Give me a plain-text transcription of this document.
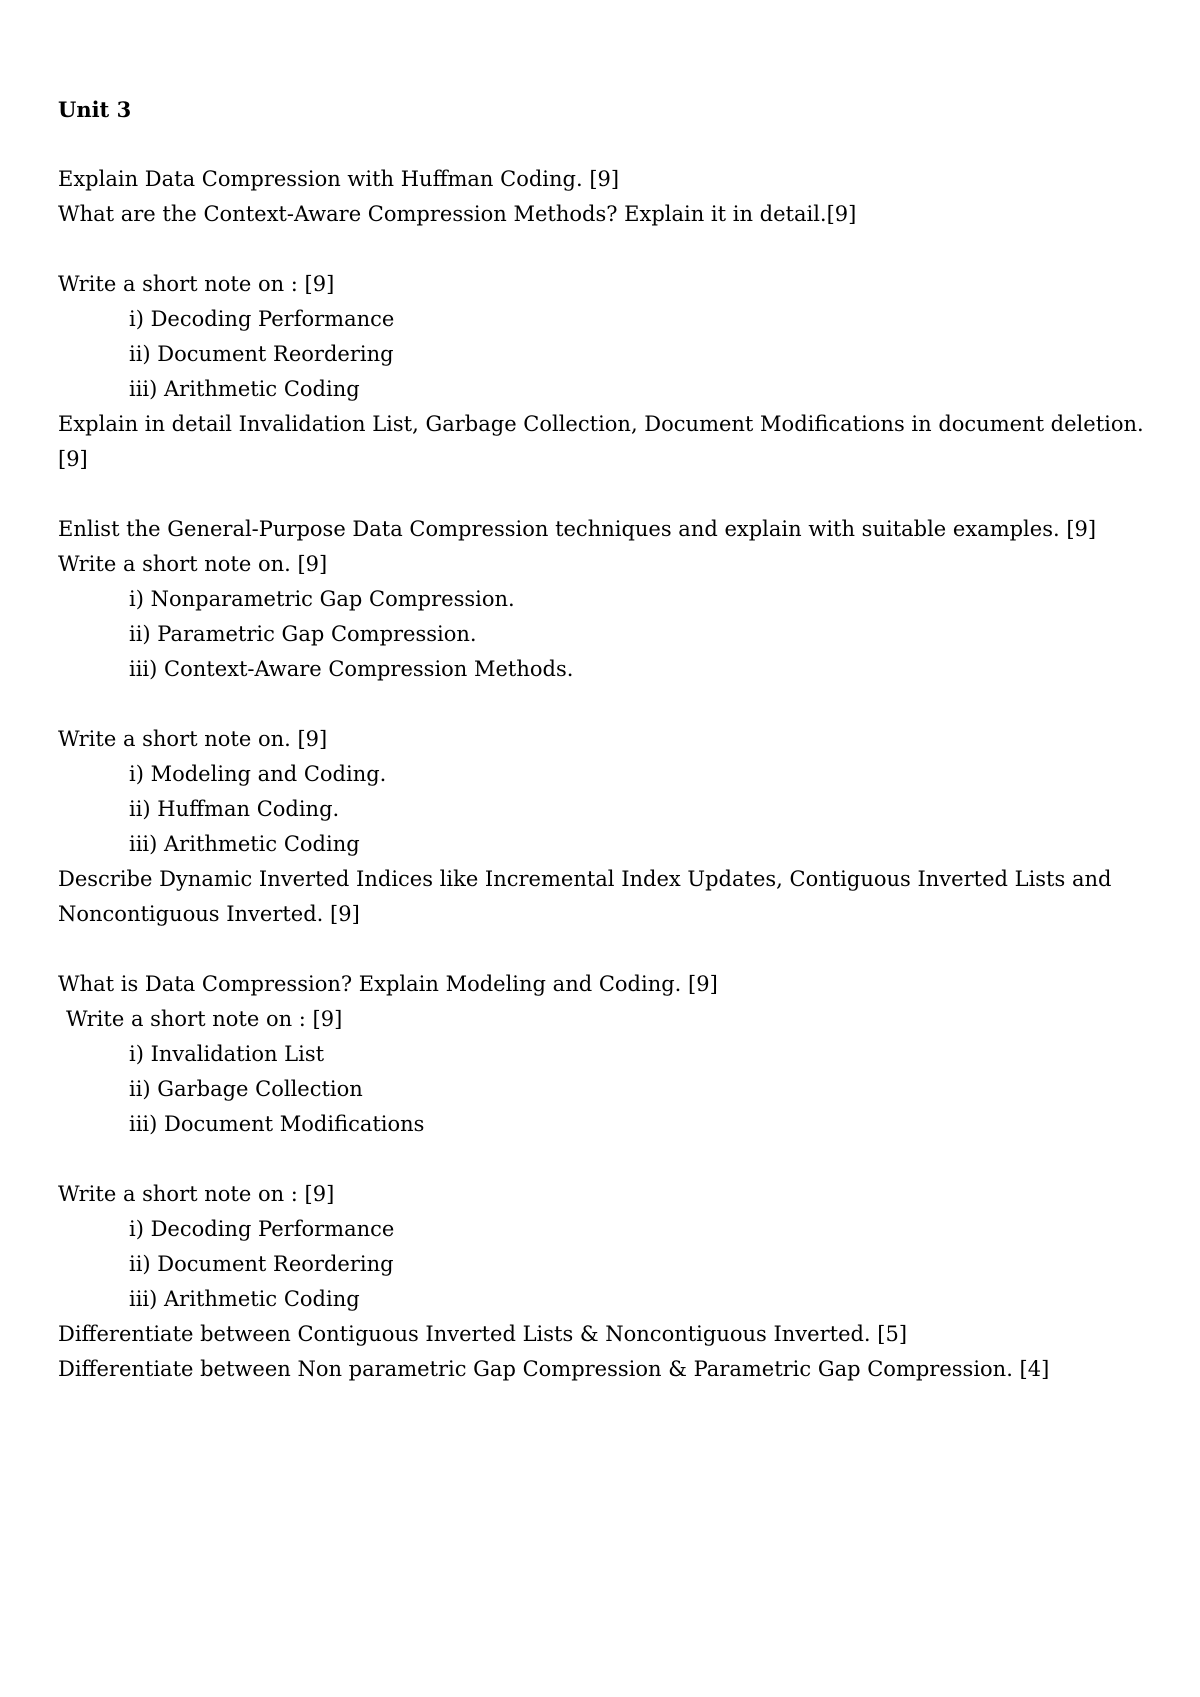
Unit 3

Explain Data Compression with Huffman Coding. [9]

What are the Context-Aware Compression Methods? Explain it in detail.[9]

Write a short note on : [9]

i) Decoding Performance

ii) Document Reordering

iii) Arithmetic Coding

Explain in detail Invalidation List, Garbage Collection, Document Modifications in document deletion.

[9]

Enlist the General-Purpose Data Compression techniques and explain with suitable examples. [9]

Write a short note on. [9]

i) Nonparametric Gap Compression.

ii) Parametric Gap Compression.

iii) Context-Aware Compression Methods.

Write a short note on. [9]

i) Modeling and Coding.

ii) Huffman Coding.

iii) Arithmetic Coding

Describe Dynamic Inverted Indices like Incremental Index Updates, Contiguous Inverted Lists and

Noncontiguous Inverted. [9]

What is Data Compression? Explain Modeling and Coding. [9]

Write a short note on : [9]

i) Invalidation List

ii) Garbage Collection

iii) Document Modifications

Write a short note on : [9]

i) Decoding Performance

ii) Document Reordering

iii) Arithmetic Coding

Differentiate between Contiguous Inverted Lists & Noncontiguous Inverted. [5]

Differentiate between Non parametric Gap Compression & Parametric Gap Compression. [4]
